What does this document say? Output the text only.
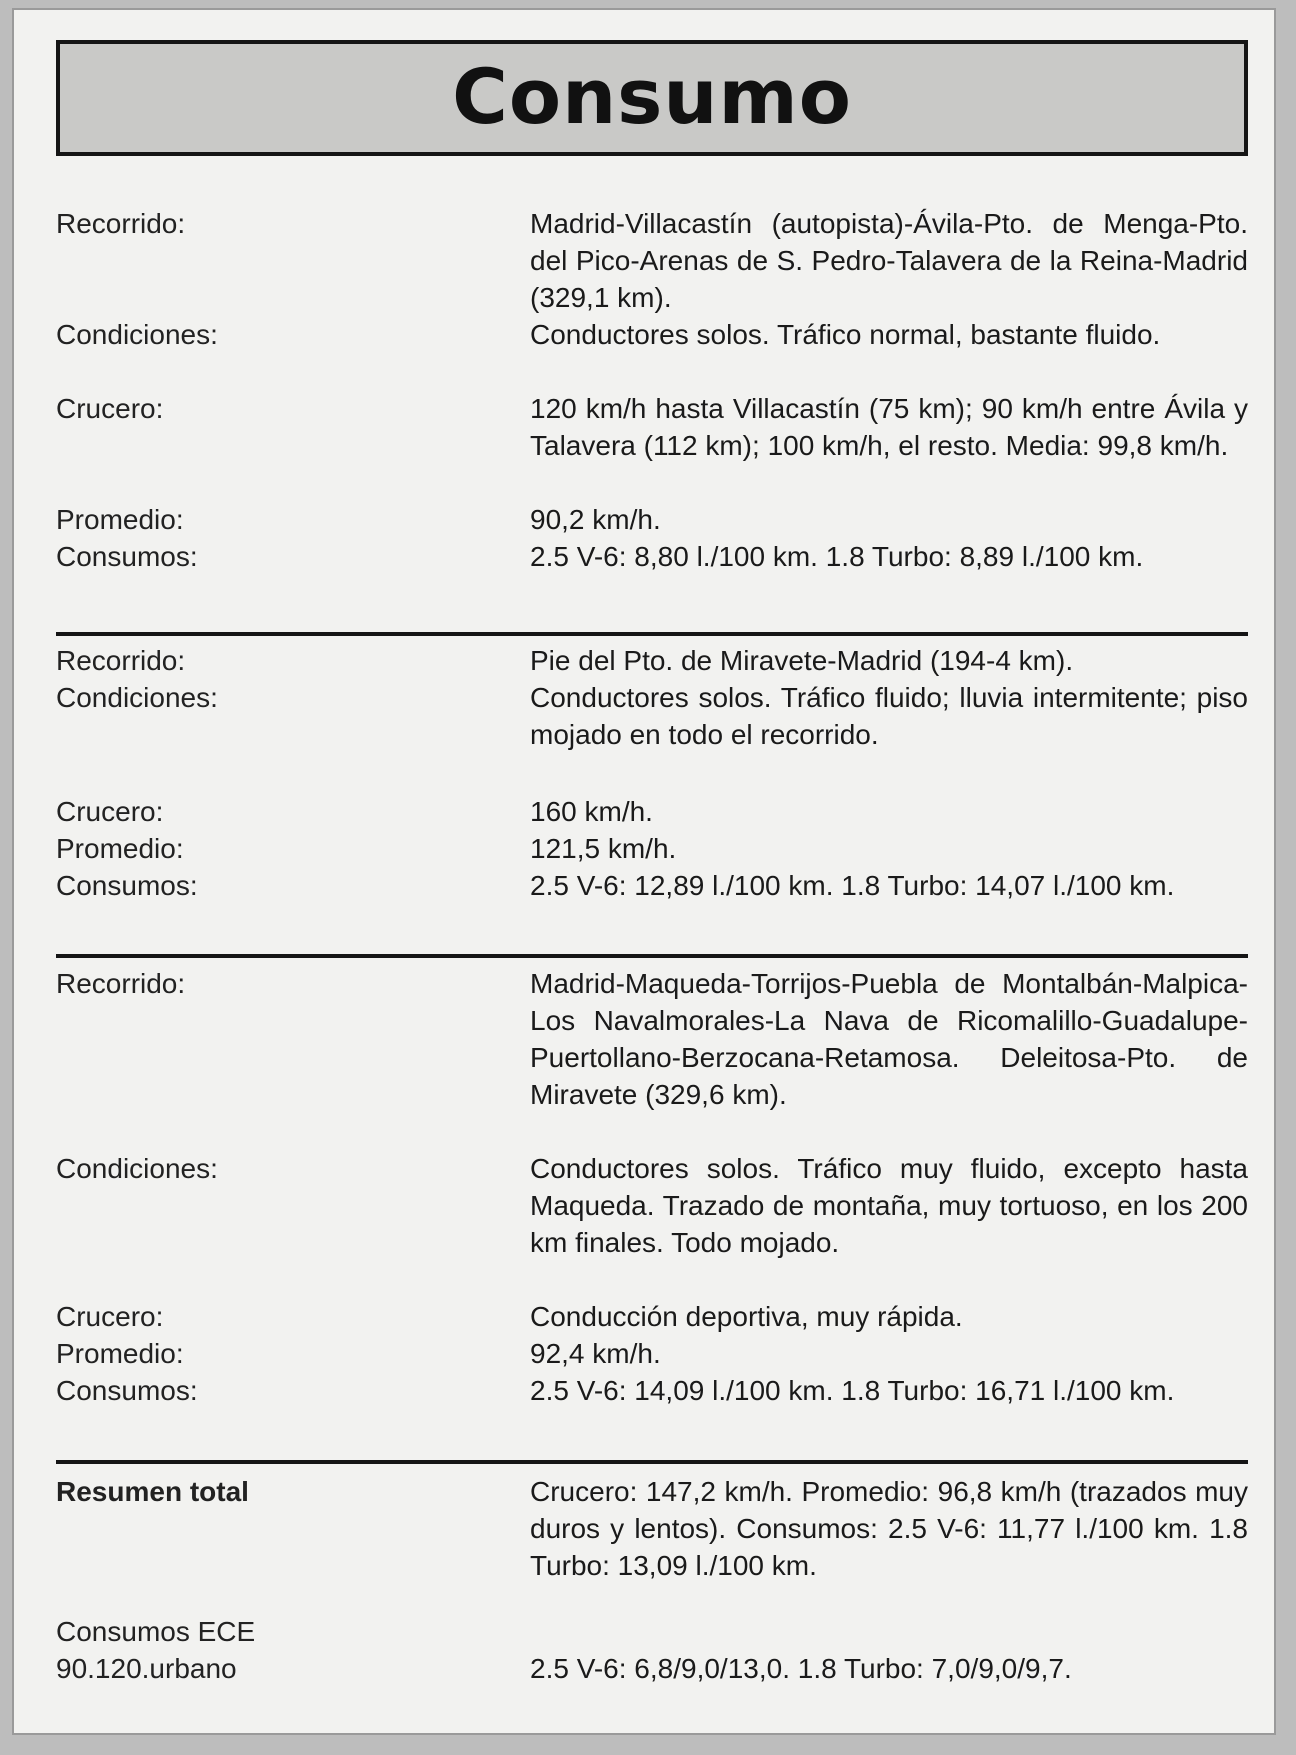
Consumo
Recorrido:	Madrid-Villacastín (autopista)-Ávila-Pto. de Menga-Pto. del Pico-Arenas de S. Pedro-Talavera de la Reina-Madrid (329,1 km).
Condiciones:	Conductores solos. Tráfico normal, bastante fluido.
Crucero:	120 km/h hasta Villacastín (75 km); 90 km/h entre Ávila y Talavera (112 km); 100 km/h, el resto. Media: 99,8 km/h.
Promedio:	90,2 km/h.
Consumos:	2.5 V-6: 8,80 l./100 km. 1.8 Turbo: 8,89 l./100 km.
Recorrido:	Pie del Pto. de Miravete-Madrid (194-4 km).
Condiciones:	Conductores solos. Tráfico fluido; lluvia intermitente; piso mojado en todo el recorrido.
Crucero:	160 km/h.
Promedio:	121,5 km/h.
Consumos:	2.5 V-6: 12,89 l./100 km. 1.8 Turbo: 14,07 l./100 km.
Recorrido:	Madrid-Maqueda-Torrijos-Puebla de Montalbán-Malpica-Los Navalmorales-La Nava de Ricomalillo-Guadalupe-Puertollano-Berzocana-Retamosa. Deleitosa-Pto. de Miravete (329,6 km).
Condiciones:	Conductores solos. Tráfico muy fluido, excepto hasta Maqueda. Trazado de montaña, muy tortuoso, en los 200 km finales. Todo mojado.
Crucero:	Conducción deportiva, muy rápida.
Promedio:	92,4 km/h.
Consumos:	2.5 V-6: 14,09 l./100 km. 1.8 Turbo: 16,71 l./100 km.
Resumen total	Crucero: 147,2 km/h. Promedio: 96,8 km/h (trazados muy duros y lentos). Consumos: 2.5 V-6: 11,77 l./100 km. 1.8 Turbo: 13,09 l./100 km.
Consumos ECE
90.120.urbano	2.5 V-6: 6,8/9,0/13,0. 1.8 Turbo: 7,0/9,0/9,7.
